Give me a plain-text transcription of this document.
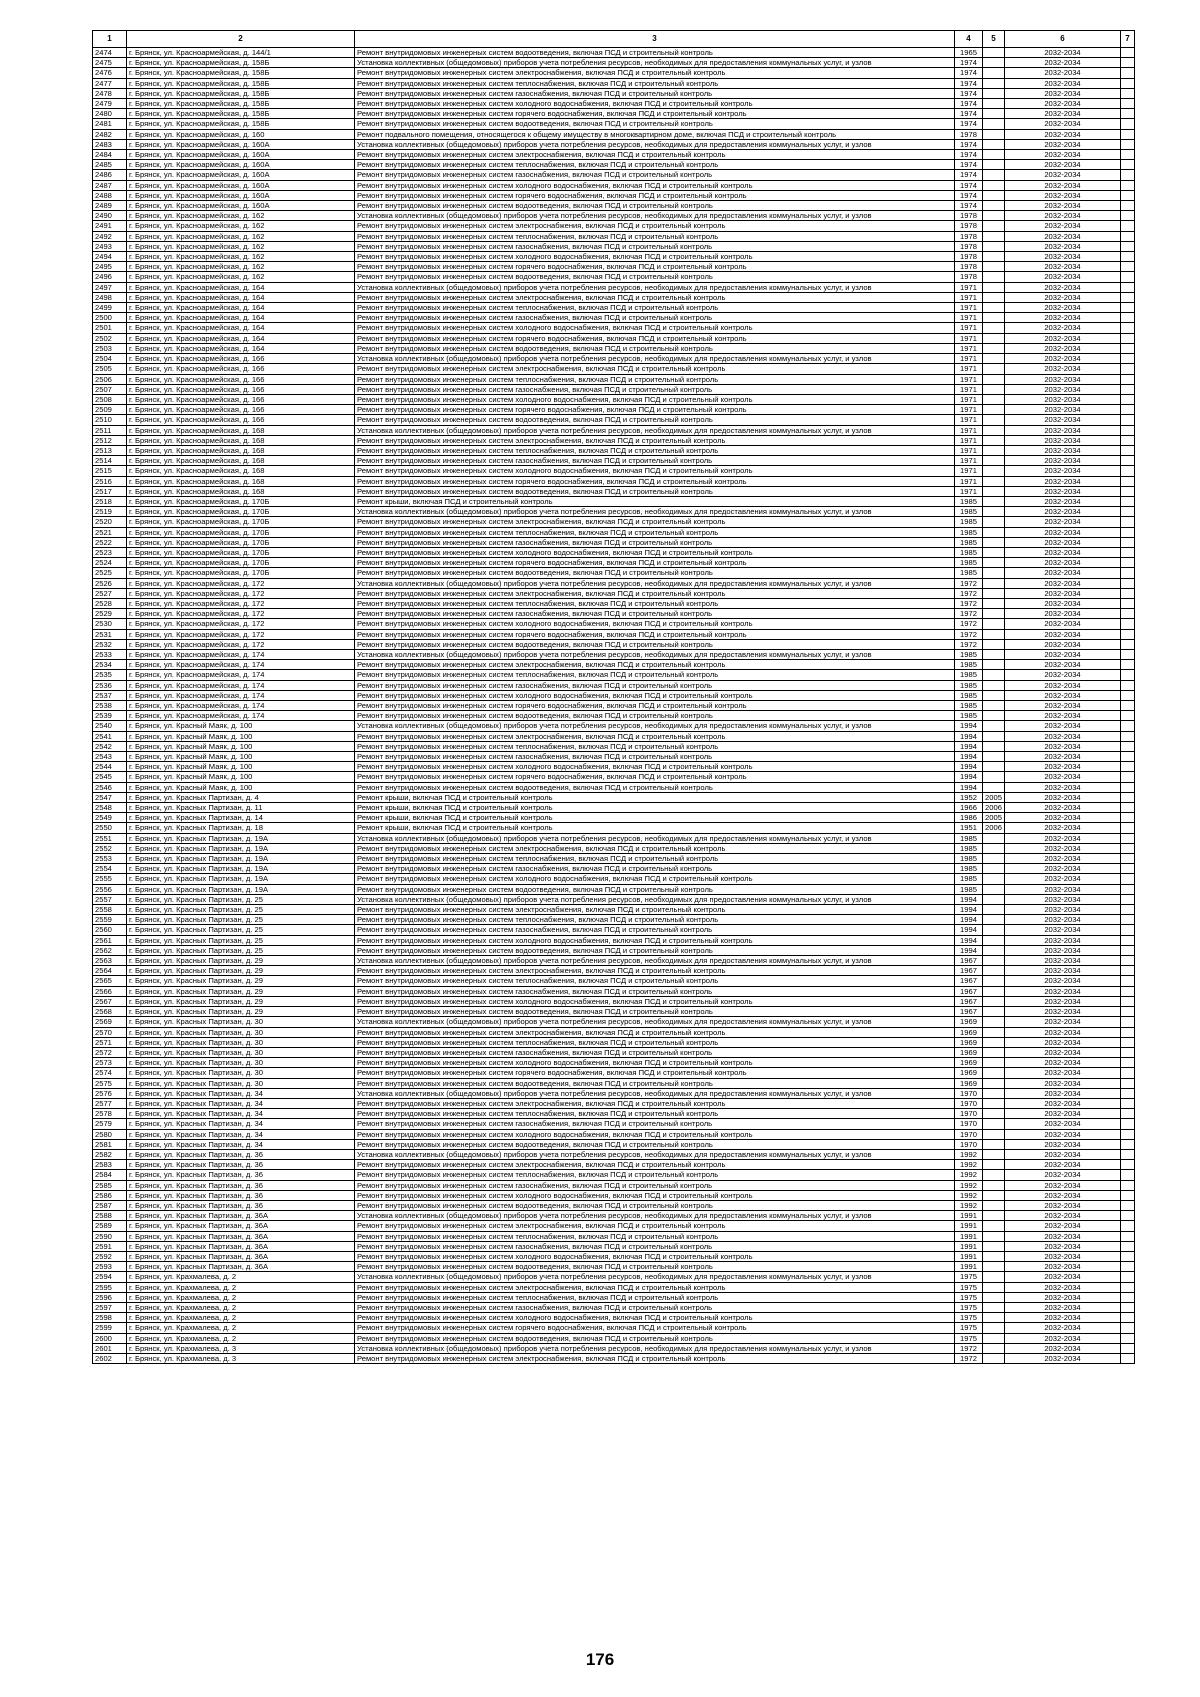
1	2	3	4	5	6	7
2474	г. Брянск, ул. Красноармейская, д. 144/1	Ремонт внутридомовых инженерных систем водоотведения, включая ПСД и строительный контроль	1965		2032-2034	
2475	г. Брянск, ул. Красноармейская, д. 158Б	Установка коллективных (общедомовых) приборов учета потребления ресурсов, необходимых для предоставления коммунальных услуг, и узлов	1974		2032-2034	
2476	г. Брянск, ул. Красноармейская, д. 158Б	Ремонт внутридомовых инженерных систем электроснабжения, включая ПСД и строительный контроль	1974		2032-2034	
2477	г. Брянск, ул. Красноармейская, д. 158Б	Ремонт внутридомовых инженерных систем теплоснабжения, включая ПСД и строительный контроль	1974		2032-2034	
2478	г. Брянск, ул. Красноармейская, д. 158Б	Ремонт внутридомовых инженерных систем газоснабжения, включая ПСД и строительный контроль	1974		2032-2034	
2479	г. Брянск, ул. Красноармейская, д. 158Б	Ремонт внутридомовых инженерных систем холодного водоснабжения, включая ПСД и строительный контроль	1974		2032-2034	
2480	г. Брянск, ул. Красноармейская, д. 158Б	Ремонт внутридомовых инженерных систем горячего водоснабжения, включая ПСД и строительный контроль	1974		2032-2034	
2481	г. Брянск, ул. Красноармейская, д. 158Б	Ремонт внутридомовых инженерных систем водоотведения, включая ПСД и строительный контроль	1974		2032-2034	
2482	г. Брянск, ул. Красноармейская, д. 160	Ремонт подвального помещения, относящегося к общему имуществу в многоквартирном доме, включая ПСД и строительный контроль	1978		2032-2034	
2483	г. Брянск, ул. Красноармейская, д. 160А	Установка коллективных (общедомовых) приборов учета потребления ресурсов, необходимых для предоставления коммунальных услуг, и узлов	1974		2032-2034	
2484	г. Брянск, ул. Красноармейская, д. 160А	Ремонт внутридомовых инженерных систем электроснабжения, включая ПСД и строительный контроль	1974		2032-2034	
2485	г. Брянск, ул. Красноармейская, д. 160А	Ремонт внутридомовых инженерных систем теплоснабжения, включая ПСД и строительный контроль	1974		2032-2034	
2486	г. Брянск, ул. Красноармейская, д. 160А	Ремонт внутридомовых инженерных систем газоснабжения, включая ПСД и строительный контроль	1974		2032-2034	
2487	г. Брянск, ул. Красноармейская, д. 160А	Ремонт внутридомовых инженерных систем холодного водоснабжения, включая ПСД и строительный контроль	1974		2032-2034	
2488	г. Брянск, ул. Красноармейская, д. 160А	Ремонт внутридомовых инженерных систем горячего водоснабжения, включая ПСД и строительный контроль	1974		2032-2034	
2489	г. Брянск, ул. Красноармейская, д. 160А	Ремонт внутридомовых инженерных систем водоотведения, включая ПСД и строительный контроль	1974		2032-2034	
2490	г. Брянск, ул. Красноармейская, д. 162	Установка коллективных (общедомовых) приборов учета потребления ресурсов, необходимых для предоставления коммунальных услуг, и узлов	1978		2032-2034	
2491	г. Брянск, ул. Красноармейская, д. 162	Ремонт внутридомовых инженерных систем электроснабжения, включая ПСД и строительный контроль	1978		2032-2034	
2492	г. Брянск, ул. Красноармейская, д. 162	Ремонт внутридомовых инженерных систем теплоснабжения, включая ПСД и строительный контроль	1978		2032-2034	
2493	г. Брянск, ул. Красноармейская, д. 162	Ремонт внутридомовых инженерных систем газоснабжения, включая ПСД и строительный контроль	1978		2032-2034	
2494	г. Брянск, ул. Красноармейская, д. 162	Ремонт внутридомовых инженерных систем холодного водоснабжения, включая ПСД и строительный контроль	1978		2032-2034	
2495	г. Брянск, ул. Красноармейская, д. 162	Ремонт внутридомовых инженерных систем горячего водоснабжения, включая ПСД и строительный контроль	1978		2032-2034	
2496	г. Брянск, ул. Красноармейская, д. 162	Ремонт внутридомовых инженерных систем водоотведения, включая ПСД и строительный контроль	1978		2032-2034	
2497	г. Брянск, ул. Красноармейская, д. 164	Установка коллективных (общедомовых) приборов учета потребления ресурсов, необходимых для предоставления коммунальных услуг, и узлов	1971		2032-2034	
2498	г. Брянск, ул. Красноармейская, д. 164	Ремонт внутридомовых инженерных систем электроснабжения, включая ПСД и строительный контроль	1971		2032-2034	
2499	г. Брянск, ул. Красноармейская, д. 164	Ремонт внутридомовых инженерных систем теплоснабжения, включая ПСД и строительный контроль	1971		2032-2034	
2500	г. Брянск, ул. Красноармейская, д. 164	Ремонт внутридомовых инженерных систем газоснабжения, включая ПСД и строительный контроль	1971		2032-2034	
2501	г. Брянск, ул. Красноармейская, д. 164	Ремонт внутридомовых инженерных систем холодного водоснабжения, включая ПСД и строительный контроль	1971		2032-2034	
2502	г. Брянск, ул. Красноармейская, д. 164	Ремонт внутридомовых инженерных систем горячего водоснабжения, включая ПСД и строительный контроль	1971		2032-2034	
2503	г. Брянск, ул. Красноармейская, д. 164	Ремонт внутридомовых инженерных систем водоотведения, включая ПСД и строительный контроль	1971		2032-2034	
2504	г. Брянск, ул. Красноармейская, д. 166	Установка коллективных (общедомовых) приборов учета потребления ресурсов, необходимых для предоставления коммунальных услуг, и узлов	1971		2032-2034	
2505	г. Брянск, ул. Красноармейская, д. 166	Ремонт внутридомовых инженерных систем электроснабжения, включая ПСД и строительный контроль	1971		2032-2034	
2506	г. Брянск, ул. Красноармейская, д. 166	Ремонт внутридомовых инженерных систем теплоснабжения, включая ПСД и строительный контроль	1971		2032-2034	
2507	г. Брянск, ул. Красноармейская, д. 166	Ремонт внутридомовых инженерных систем газоснабжения, включая ПСД и строительный контроль	1971		2032-2034	
2508	г. Брянск, ул. Красноармейская, д. 166	Ремонт внутридомовых инженерных систем холодного водоснабжения, включая ПСД и строительный контроль	1971		2032-2034	
2509	г. Брянск, ул. Красноармейская, д. 166	Ремонт внутридомовых инженерных систем горячего водоснабжения, включая ПСД и строительный контроль	1971		2032-2034	
2510	г. Брянск, ул. Красноармейская, д. 166	Ремонт внутридомовых инженерных систем водоотведения, включая ПСД и строительный контроль	1971		2032-2034	
2511	г. Брянск, ул. Красноармейская, д. 168	Установка коллективных (общедомовых) приборов учета потребления ресурсов, необходимых для предоставления коммунальных услуг, и узлов	1971		2032-2034	
2512	г. Брянск, ул. Красноармейская, д. 168	Ремонт внутридомовых инженерных систем электроснабжения, включая ПСД и строительный контроль	1971		2032-2034	
2513	г. Брянск, ул. Красноармейская, д. 168	Ремонт внутридомовых инженерных систем теплоснабжения, включая ПСД и строительный контроль	1971		2032-2034	
2514	г. Брянск, ул. Красноармейская, д. 168	Ремонт внутридомовых инженерных систем газоснабжения, включая ПСД и строительный контроль	1971		2032-2034	
2515	г. Брянск, ул. Красноармейская, д. 168	Ремонт внутридомовых инженерных систем холодного водоснабжения, включая ПСД и строительный контроль	1971		2032-2034	
2516	г. Брянск, ул. Красноармейская, д. 168	Ремонт внутридомовых инженерных систем горячего водоснабжения, включая ПСД и строительный контроль	1971		2032-2034	
2517	г. Брянск, ул. Красноармейская, д. 168	Ремонт внутридомовых инженерных систем водоотведения, включая ПСД и строительный контроль	1971		2032-2034	
2518	г. Брянск, ул. Красноармейская, д. 170Б	Ремонт крыши, включая ПСД и строительный контроль	1985		2032-2034	
2519	г. Брянск, ул. Красноармейская, д. 170Б	Установка коллективных (общедомовых) приборов учета потребления ресурсов, необходимых для предоставления коммунальных услуг, и узлов	1985		2032-2034	
2520	г. Брянск, ул. Красноармейская, д. 170Б	Ремонт внутридомовых инженерных систем электроснабжения, включая ПСД и строительный контроль	1985		2032-2034	
2521	г. Брянск, ул. Красноармейская, д. 170Б	Ремонт внутридомовых инженерных систем теплоснабжения, включая ПСД и строительный контроль	1985		2032-2034	
2522	г. Брянск, ул. Красноармейская, д. 170Б	Ремонт внутридомовых инженерных систем газоснабжения, включая ПСД и строительный контроль	1985		2032-2034	
2523	г. Брянск, ул. Красноармейская, д. 170Б	Ремонт внутридомовых инженерных систем холодного водоснабжения, включая ПСД и строительный контроль	1985		2032-2034	
2524	г. Брянск, ул. Красноармейская, д. 170Б	Ремонт внутридомовых инженерных систем горячего водоснабжения, включая ПСД и строительный контроль	1985		2032-2034	
2525	г. Брянск, ул. Красноармейская, д. 170Б	Ремонт внутридомовых инженерных систем водоотведения, включая ПСД и строительный контроль	1985		2032-2034	
2526	г. Брянск, ул. Красноармейская, д. 172	Установка коллективных (общедомовых) приборов учета потребления ресурсов, необходимых для предоставления коммунальных услуг, и узлов	1972		2032-2034	
2527	г. Брянск, ул. Красноармейская, д. 172	Ремонт внутридомовых инженерных систем электроснабжения, включая ПСД и строительный контроль	1972		2032-2034	
2528	г. Брянск, ул. Красноармейская, д. 172	Ремонт внутридомовых инженерных систем теплоснабжения, включая ПСД и строительный контроль	1972		2032-2034	
2529	г. Брянск, ул. Красноармейская, д. 172	Ремонт внутридомовых инженерных систем газоснабжения, включая ПСД и строительный контроль	1972		2032-2034	
2530	г. Брянск, ул. Красноармейская, д. 172	Ремонт внутридомовых инженерных систем холодного водоснабжения, включая ПСД и строительный контроль	1972		2032-2034	
2531	г. Брянск, ул. Красноармейская, д. 172	Ремонт внутридомовых инженерных систем горячего водоснабжения, включая ПСД и строительный контроль	1972		2032-2034	
2532	г. Брянск, ул. Красноармейская, д. 172	Ремонт внутридомовых инженерных систем водоотведения, включая ПСД и строительный контроль	1972		2032-2034	
2533	г. Брянск, ул. Красноармейская, д. 174	Установка коллективных (общедомовых) приборов учета потребления ресурсов, необходимых для предоставления коммунальных услуг, и узлов	1985		2032-2034	
2534	г. Брянск, ул. Красноармейская, д. 174	Ремонт внутридомовых инженерных систем электроснабжения, включая ПСД и строительный контроль	1985		2032-2034	
2535	г. Брянск, ул. Красноармейская, д. 174	Ремонт внутридомовых инженерных систем теплоснабжения, включая ПСД и строительный контроль	1985		2032-2034	
2536	г. Брянск, ул. Красноармейская, д. 174	Ремонт внутридомовых инженерных систем газоснабжения, включая ПСД и строительный контроль	1985		2032-2034	
2537	г. Брянск, ул. Красноармейская, д. 174	Ремонт внутридомовых инженерных систем холодного водоснабжения, включая ПСД и строительный контроль	1985		2032-2034	
2538	г. Брянск, ул. Красноармейская, д. 174	Ремонт внутридомовых инженерных систем горячего водоснабжения, включая ПСД и строительный контроль	1985		2032-2034	
2539	г. Брянск, ул. Красноармейская, д. 174	Ремонт внутридомовых инженерных систем водоотведения, включая ПСД и строительный контроль	1985		2032-2034	
2540	г. Брянск, ул. Красный Маяк, д. 100	Установка коллективных (общедомовых) приборов учета потребления ресурсов, необходимых для предоставления коммунальных услуг, и узлов	1994		2032-2034	
2541	г. Брянск, ул. Красный Маяк, д. 100	Ремонт внутридомовых инженерных систем электроснабжения, включая ПСД и строительный контроль	1994		2032-2034	
2542	г. Брянск, ул. Красный Маяк, д. 100	Ремонт внутридомовых инженерных систем теплоснабжения, включая ПСД и строительный контроль	1994		2032-2034	
2543	г. Брянск, ул. Красный Маяк, д. 100	Ремонт внутридомовых инженерных систем газоснабжения, включая ПСД и строительный контроль	1994		2032-2034	
2544	г. Брянск, ул. Красный Маяк, д. 100	Ремонт внутридомовых инженерных систем холодного водоснабжения, включая ПСД и строительный контроль	1994		2032-2034	
2545	г. Брянск, ул. Красный Маяк, д. 100	Ремонт внутридомовых инженерных систем горячего водоснабжения, включая ПСД и строительный контроль	1994		2032-2034	
2546	г. Брянск, ул. Красный Маяк, д. 100	Ремонт внутридомовых инженерных систем водоотведения, включая ПСД и строительный контроль	1994		2032-2034	
2547	г. Брянск, ул. Красных Партизан, д. 4	Ремонт крыши, включая ПСД и строительный контроль	1952	2005	2032-2034	
2548	г. Брянск, ул. Красных Партизан, д. 11	Ремонт крыши, включая ПСД и строительный контроль	1966	2006	2032-2034	
2549	г. Брянск, ул. Красных Партизан, д. 14	Ремонт крыши, включая ПСД и строительный контроль	1986	2005	2032-2034	
2550	г. Брянск, ул. Красных Партизан, д. 18	Ремонт крыши, включая ПСД и строительный контроль	1951	2006	2032-2034	
2551	г. Брянск, ул. Красных Партизан, д. 19А	Установка коллективных (общедомовых) приборов учета потребления ресурсов, необходимых для предоставления коммунальных услуг, и узлов	1985		2032-2034	
2552	г. Брянск, ул. Красных Партизан, д. 19А	Ремонт внутридомовых инженерных систем электроснабжения, включая ПСД и строительный контроль	1985		2032-2034	
2553	г. Брянск, ул. Красных Партизан, д. 19А	Ремонт внутридомовых инженерных систем теплоснабжения, включая ПСД и строительный контроль	1985		2032-2034	
2554	г. Брянск, ул. Красных Партизан, д. 19А	Ремонт внутридомовых инженерных систем газоснабжения, включая ПСД и строительный контроль	1985		2032-2034	
2555	г. Брянск, ул. Красных Партизан, д. 19А	Ремонт внутридомовых инженерных систем холодного водоснабжения, включая ПСД и строительный контроль	1985		2032-2034	
2556	г. Брянск, ул. Красных Партизан, д. 19А	Ремонт внутридомовых инженерных систем водоотведения, включая ПСД и строительный контроль	1985		2032-2034	
2557	г. Брянск, ул. Красных Партизан, д. 25	Установка коллективных (общедомовых) приборов учета потребления ресурсов, необходимых для предоставления коммунальных услуг, и узлов	1994		2032-2034	
2558	г. Брянск, ул. Красных Партизан, д. 25	Ремонт внутридомовых инженерных систем электроснабжения, включая ПСД и строительный контроль	1994		2032-2034	
2559	г. Брянск, ул. Красных Партизан, д. 25	Ремонт внутридомовых инженерных систем теплоснабжения, включая ПСД и строительный контроль	1994		2032-2034	
2560	г. Брянск, ул. Красных Партизан, д. 25	Ремонт внутридомовых инженерных систем газоснабжения, включая ПСД и строительный контроль	1994		2032-2034	
2561	г. Брянск, ул. Красных Партизан, д. 25	Ремонт внутридомовых инженерных систем холодного водоснабжения, включая ПСД и строительный контроль	1994		2032-2034	
2562	г. Брянск, ул. Красных Партизан, д. 25	Ремонт внутридомовых инженерных систем водоотведения, включая ПСД и строительный контроль	1994		2032-2034	
2563	г. Брянск, ул. Красных Партизан, д. 29	Установка коллективных (общедомовых) приборов учета потребления ресурсов, необходимых для предоставления коммунальных услуг, и узлов	1967		2032-2034	
2564	г. Брянск, ул. Красных Партизан, д. 29	Ремонт внутридомовых инженерных систем электроснабжения, включая ПСД и строительный контроль	1967		2032-2034	
2565	г. Брянск, ул. Красных Партизан, д. 29	Ремонт внутридомовых инженерных систем теплоснабжения, включая ПСД и строительный контроль	1967		2032-2034	
2566	г. Брянск, ул. Красных Партизан, д. 29	Ремонт внутридомовых инженерных систем газоснабжения, включая ПСД и строительный контроль	1967		2032-2034	
2567	г. Брянск, ул. Красных Партизан, д. 29	Ремонт внутридомовых инженерных систем холодного водоснабжения, включая ПСД и строительный контроль	1967		2032-2034	
2568	г. Брянск, ул. Красных Партизан, д. 29	Ремонт внутридомовых инженерных систем водоотведения, включая ПСД и строительный контроль	1967		2032-2034	
2569	г. Брянск, ул. Красных Партизан, д. 30	Установка коллективных (общедомовых) приборов учета потребления ресурсов, необходимых для предоставления коммунальных услуг, и узлов	1969		2032-2034	
2570	г. Брянск, ул. Красных Партизан, д. 30	Ремонт внутридомовых инженерных систем электроснабжения, включая ПСД и строительный контроль	1969		2032-2034	
2571	г. Брянск, ул. Красных Партизан, д. 30	Ремонт внутридомовых инженерных систем теплоснабжения, включая ПСД и строительный контроль	1969		2032-2034	
2572	г. Брянск, ул. Красных Партизан, д. 30	Ремонт внутридомовых инженерных систем газоснабжения, включая ПСД и строительный контроль	1969		2032-2034	
2573	г. Брянск, ул. Красных Партизан, д. 30	Ремонт внутридомовых инженерных систем холодного водоснабжения, включая ПСД и строительный контроль	1969		2032-2034	
2574	г. Брянск, ул. Красных Партизан, д. 30	Ремонт внутридомовых инженерных систем горячего водоснабжения, включая ПСД и строительный контроль	1969		2032-2034	
2575	г. Брянск, ул. Красных Партизан, д. 30	Ремонт внутридомовых инженерных систем водоотведения, включая ПСД и строительный контроль	1969		2032-2034	
2576	г. Брянск, ул. Красных Партизан, д. 34	Установка коллективных (общедомовых) приборов учета потребления ресурсов, необходимых для предоставления коммунальных услуг, и узлов	1970		2032-2034	
2577	г. Брянск, ул. Красных Партизан, д. 34	Ремонт внутридомовых инженерных систем электроснабжения, включая ПСД и строительный контроль	1970		2032-2034	
2578	г. Брянск, ул. Красных Партизан, д. 34	Ремонт внутридомовых инженерных систем теплоснабжения, включая ПСД и строительный контроль	1970		2032-2034	
2579	г. Брянск, ул. Красных Партизан, д. 34	Ремонт внутридомовых инженерных систем газоснабжения, включая ПСД и строительный контроль	1970		2032-2034	
2580	г. Брянск, ул. Красных Партизан, д. 34	Ремонт внутридомовых инженерных систем холодного водоснабжения, включая ПСД и строительный контроль	1970		2032-2034	
2581	г. Брянск, ул. Красных Партизан, д. 34	Ремонт внутридомовых инженерных систем водоотведения, включая ПСД и строительный контроль	1970		2032-2034	
2582	г. Брянск, ул. Красных Партизан, д. 36	Установка коллективных (общедомовых) приборов учета потребления ресурсов, необходимых для предоставления коммунальных услуг, и узлов	1992		2032-2034	
2583	г. Брянск, ул. Красных Партизан, д. 36	Ремонт внутридомовых инженерных систем электроснабжения, включая ПСД и строительный контроль	1992		2032-2034	
2584	г. Брянск, ул. Красных Партизан, д. 36	Ремонт внутридомовых инженерных систем теплоснабжения, включая ПСД и строительный контроль	1992		2032-2034	
2585	г. Брянск, ул. Красных Партизан, д. 36	Ремонт внутридомовых инженерных систем газоснабжения, включая ПСД и строительный контроль	1992		2032-2034	
2586	г. Брянск, ул. Красных Партизан, д. 36	Ремонт внутридомовых инженерных систем холодного водоснабжения, включая ПСД и строительный контроль	1992		2032-2034	
2587	г. Брянск, ул. Красных Партизан, д. 36	Ремонт внутридомовых инженерных систем водоотведения, включая ПСД и строительный контроль	1992		2032-2034	
2588	г. Брянск, ул. Красных Партизан, д. 36А	Установка коллективных (общедомовых) приборов учета потребления ресурсов, необходимых для предоставления коммунальных услуг, и узлов	1991		2032-2034	
2589	г. Брянск, ул. Красных Партизан, д. 36А	Ремонт внутридомовых инженерных систем электроснабжения, включая ПСД и строительный контроль	1991		2032-2034	
2590	г. Брянск, ул. Красных Партизан, д. 36А	Ремонт внутридомовых инженерных систем теплоснабжения, включая ПСД и строительный контроль	1991		2032-2034	
2591	г. Брянск, ул. Красных Партизан, д. 36А	Ремонт внутридомовых инженерных систем газоснабжения, включая ПСД и строительный контроль	1991		2032-2034	
2592	г. Брянск, ул. Красных Партизан, д. 36А	Ремонт внутридомовых инженерных систем холодного водоснабжения, включая ПСД и строительный контроль	1991		2032-2034	
2593	г. Брянск, ул. Красных Партизан, д. 36А	Ремонт внутридомовых инженерных систем водоотведения, включая ПСД и строительный контроль	1991		2032-2034	
2594	г. Брянск, ул. Крахмалева, д. 2	Установка коллективных (общедомовых) приборов учета потребления ресурсов, необходимых для предоставления коммунальных услуг, и узлов	1975		2032-2034	
2595	г. Брянск, ул. Крахмалева, д. 2	Ремонт внутридомовых инженерных систем электроснабжения, включая ПСД и строительный контроль	1975		2032-2034	
2596	г. Брянск, ул. Крахмалева, д. 2	Ремонт внутридомовых инженерных систем теплоснабжения, включая ПСД и строительный контроль	1975		2032-2034	
2597	г. Брянск, ул. Крахмалева, д. 2	Ремонт внутридомовых инженерных систем газоснабжения, включая ПСД и строительный контроль	1975		2032-2034	
2598	г. Брянск, ул. Крахмалева, д. 2	Ремонт внутридомовых инженерных систем холодного водоснабжения, включая ПСД и строительный контроль	1975		2032-2034	
2599	г. Брянск, ул. Крахмалева, д. 2	Ремонт внутридомовых инженерных систем горячего водоснабжения, включая ПСД и строительный контроль	1975		2032-2034	
2600	г. Брянск, ул. Крахмалева, д. 2	Ремонт внутридомовых инженерных систем водоотведения, включая ПСД и строительный контроль	1975		2032-2034	
2601	г. Брянск, ул. Крахмалева, д. 3	Установка коллективных (общедомовых) приборов учета потребления ресурсов, необходимых для предоставления коммунальных услуг, и узлов	1972		2032-2034	
2602	г. Брянск, ул. Крахмалева, д. 3	Ремонт внутридомовых инженерных систем электроснабжения, включая ПСД и строительный контроль	1972		2032-2034	
176
